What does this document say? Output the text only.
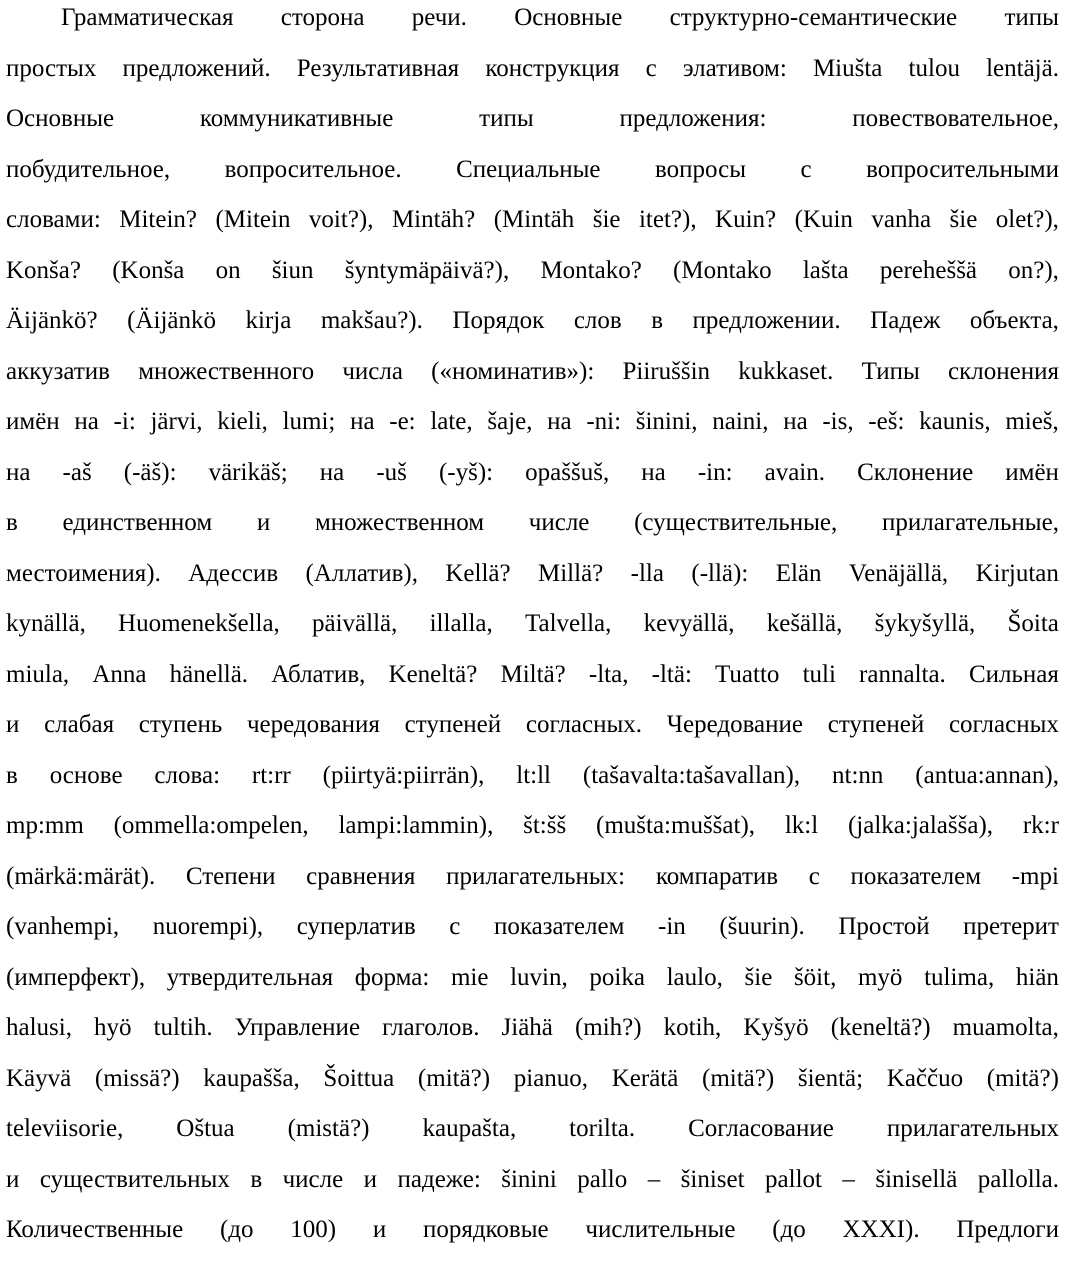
Грамматическая сторона речи. Основные структурно-семантические типы
простых предложений. Результативная конструкция с элативом: Miušta tulou lentäjä.
Основные	коммуникативные	типы	предложения:	повествовательное,
побудительное, вопросительное. Специальные вопросы с вопросительными
словами: Mitein? (Mitein voit?), Mintäh? (Mintäh šie itet?), Kuin? (Kuin vanha šie olet?),
Konša? (Konša on šiun šyntymäpäivä?), Montako? (Montako lašta pereheššä on?),
Äijänkö? (Äijänkö kirja makšau?). Порядок слов в предложении. Падеж объекта,
аккузатив множественного числа («номинатив»): Piiruššin kukkaset. Типы склонения
имён на -i: järvi, kieli, lumi; на -e: late, šaje, на -ni: šinini, naini, на -is, -eš: kaunis, mieš,
на -aš (-äš): värikäš; на -uš (-yš): opaššuš, на -in: avain. Склонение имён
в единственном и множественном числе (существительные, прилагательные,
местоимения). Адессив (Аллатив), Kellä? Millä? -lla (-llä): Elän Venäjällä, Kirjutan
kynällä, Huomenekšella, päivällä, illalla, Talvella, kevyällä, kešällä, šykyšyllä, Šoita
miula, Anna hänellä. Аблатив, Keneltä? Miltä? -lta, -ltä: Tuatto tuli rannalta. Сильная
и слабая ступень чередования ступеней согласных. Чередование ступеней согласных
в основе слова: rt:rr (piirtyä:piirrän), lt:ll (tašavalta:tašavallan), nt:nn (antua:annan),
mp:mm (ommella:ompelen, lampi:lammin), št:šš (mušta:muššat), lk:l (jalka:jalašša), rk:r
(märkä:märät). Степени сравнения прилагательных: компаратив с показателем -mpi
(vanhempi, nuorempi), суперлатив с показателем -in (šuurin). Простой претерит
(имперфект), утвердительная форма: mie luvin, poika laulo, šie šöit, myö tulima, hiän
halusi, hyö tultih. Управление глаголов. Jiähä (mih?) kotih, Kyšyö (keneltä?) muamolta,
Käyvä (missä?) kaupašša, Šoittua (mitä?) pianuo, Kerätä (mitä?) šientä; Kaččuo (mitä?)
televiisorie, Oštua (mistä?) kaupašta, torilta. Согласование прилагательных
и существительных в числе и падеже: šinini pallo – šiniset pallot – šinisellä pallolla.
Количественные (до 100) и порядковые числительные (до XXXI). Предлоги
